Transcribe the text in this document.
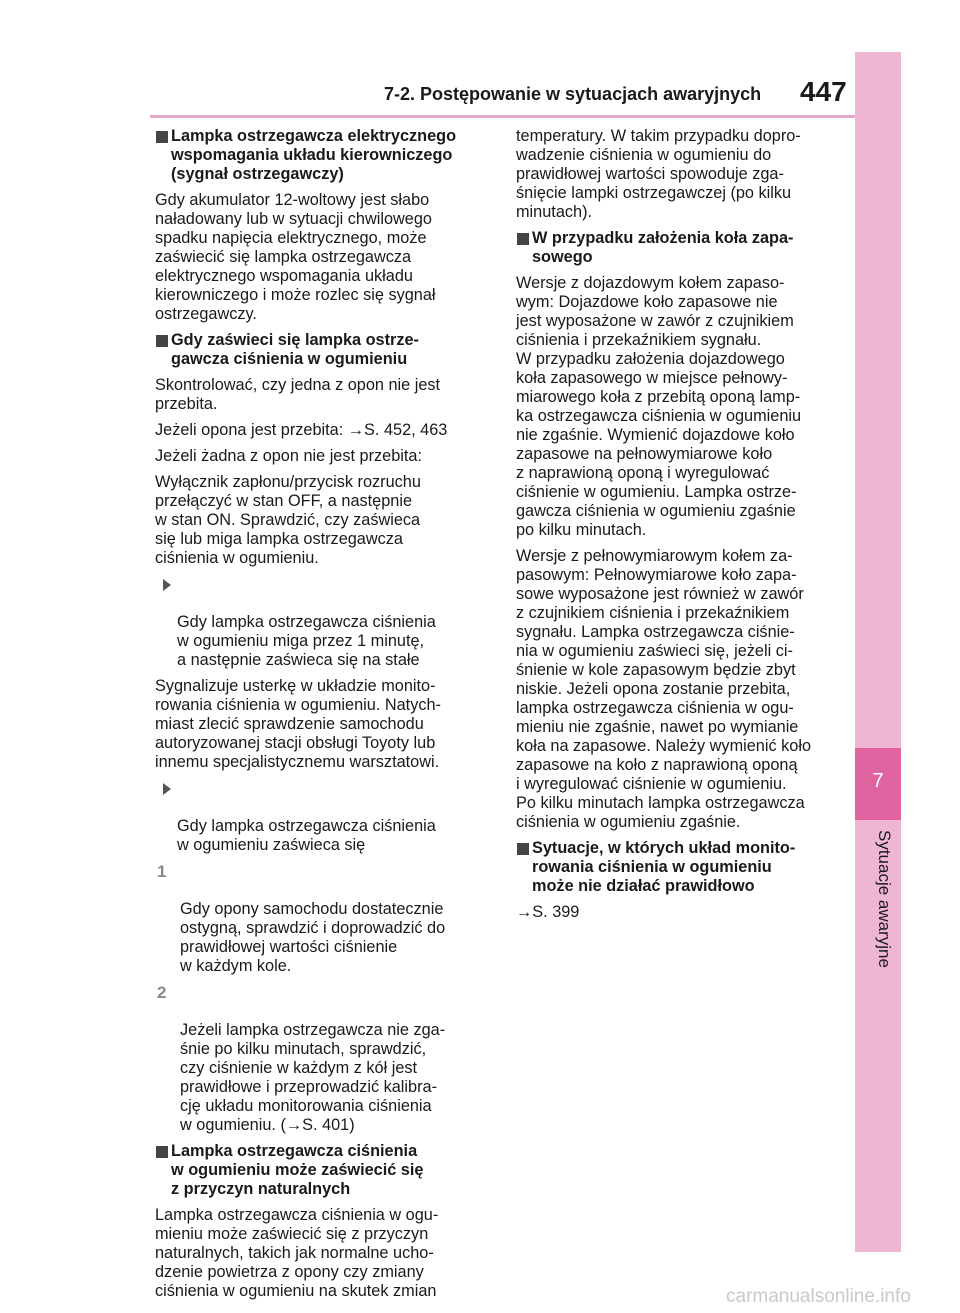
7-2. Postępowanie w sytuacjach awaryjnych 447
7
Sytuacje awaryjne
Lampka ostrzegawcza elektrycznego
wspomagania układu kierowniczego
(sygnał ostrzegawczy)
Gdy akumulator 12-woltowy jest słabo
naładowany lub w sytuacji chwilowego
spadku napięcia elektrycznego, może
zaświecić się lampka ostrzegawcza
elektrycznego wspomagania układu
kierowniczego i może rozlec się sygnał
ostrzegawczy.
Gdy zaświeci się lampka ostrze-
gawcza ciśnienia w ogumieniu
Skontrolować, czy jedna z opon nie jest
przebita.
Jeżeli opona jest przebita: →S. 452, 463
Jeżeli żadna z opon nie jest przebita:
Wyłącznik zapłonu/przycisk rozruchu
przełączyć w stan OFF, a następnie
w stan ON. Sprawdzić, czy zaświeca
się lub miga lampka ostrzegawcza
ciśnienia w ogumieniu.

Gdy lampka ostrzegawcza ciśnienia
w ogumieniu miga przez 1 minutę,
a następnie zaświeca się na stałe

Sygnalizuje usterkę w układzie monito-
rowania ciśnienia w ogumieniu. Natych-
miast zlecić sprawdzenie samochodu
autoryzowanej stacji obsługi Toyoty lub
innemu specjalistycznemu warsztatowi.

Gdy lampka ostrzegawcza ciśnienia
w ogumieniu zaświeca się

1

Gdy opony samochodu dostatecznie
ostygną, sprawdzić i doprowadzić do
prawidłowej wartości ciśnienie
w każdym kole.

2

Jeżeli lampka ostrzegawcza nie zga-
śnie po kilku minutach, sprawdzić,
czy ciśnienie w każdym z kół jest
prawidłowe i przeprowadzić kalibra-
cję układu monitorowania ciśnienia
w ogumieniu. (→S. 401)

Lampka ostrzegawcza ciśnienia
w ogumieniu może zaświecić się
z przyczyn naturalnych
Lampka ostrzegawcza ciśnienia w ogu-
mieniu może zaświecić się z przyczyn
naturalnych, takich jak normalne ucho-
dzenie powietrza z opony czy zmiany
ciśnienia w ogumieniu na skutek zmian
temperatury. W takim przypadku dopro-
wadzenie ciśnienia w ogumieniu do
prawidłowej wartości spowoduje zga-
śnięcie lampki ostrzegawczej (po kilku
minutach).
W przypadku założenia koła zapa-
sowego
Wersje z dojazdowym kołem zapaso-
wym: Dojazdowe koło zapasowe nie
jest wyposażone w zawór z czujnikiem
ciśnienia i przekaźnikiem sygnału.
W przypadku założenia dojazdowego
koła zapasowego w miejsce pełnowy-
miarowego koła z przebitą oponą lamp-
ka ostrzegawcza ciśnienia w ogumieniu
nie zgaśnie. Wymienić dojazdowe koło
zapasowe na pełnowymiarowe koło
z naprawioną oponą i wyregulować
ciśnienie w ogumieniu. Lampka ostrze-
gawcza ciśnienia w ogumieniu zgaśnie
po kilku minutach.
Wersje z pełnowymiarowym kołem za-
pasowym: Pełnowymiarowe koło zapa-
sowe wyposażone jest również w zawór
z czujnikiem ciśnienia i przekaźnikiem
sygnału. Lampka ostrzegawcza ciśnie-
nia w ogumieniu zaświeci się, jeżeli ci-
śnienie w kole zapasowym będzie zbyt
niskie. Jeżeli opona zostanie przebita,
lampka ostrzegawcza ciśnienia w ogu-
mieniu nie zgaśnie, nawet po wymianie
koła na zapasowe. Należy wymienić koło
zapasowe na koło z naprawioną oponą
i wyregulować ciśnienie w ogumieniu.
Po kilku minutach lampka ostrzegawcza
ciśnienia w ogumieniu zgaśnie.
Sytuacje, w których układ monito-
rowania ciśnienia w ogumieniu
może nie działać prawidłowo
→S. 399
carmanualsonline.info
